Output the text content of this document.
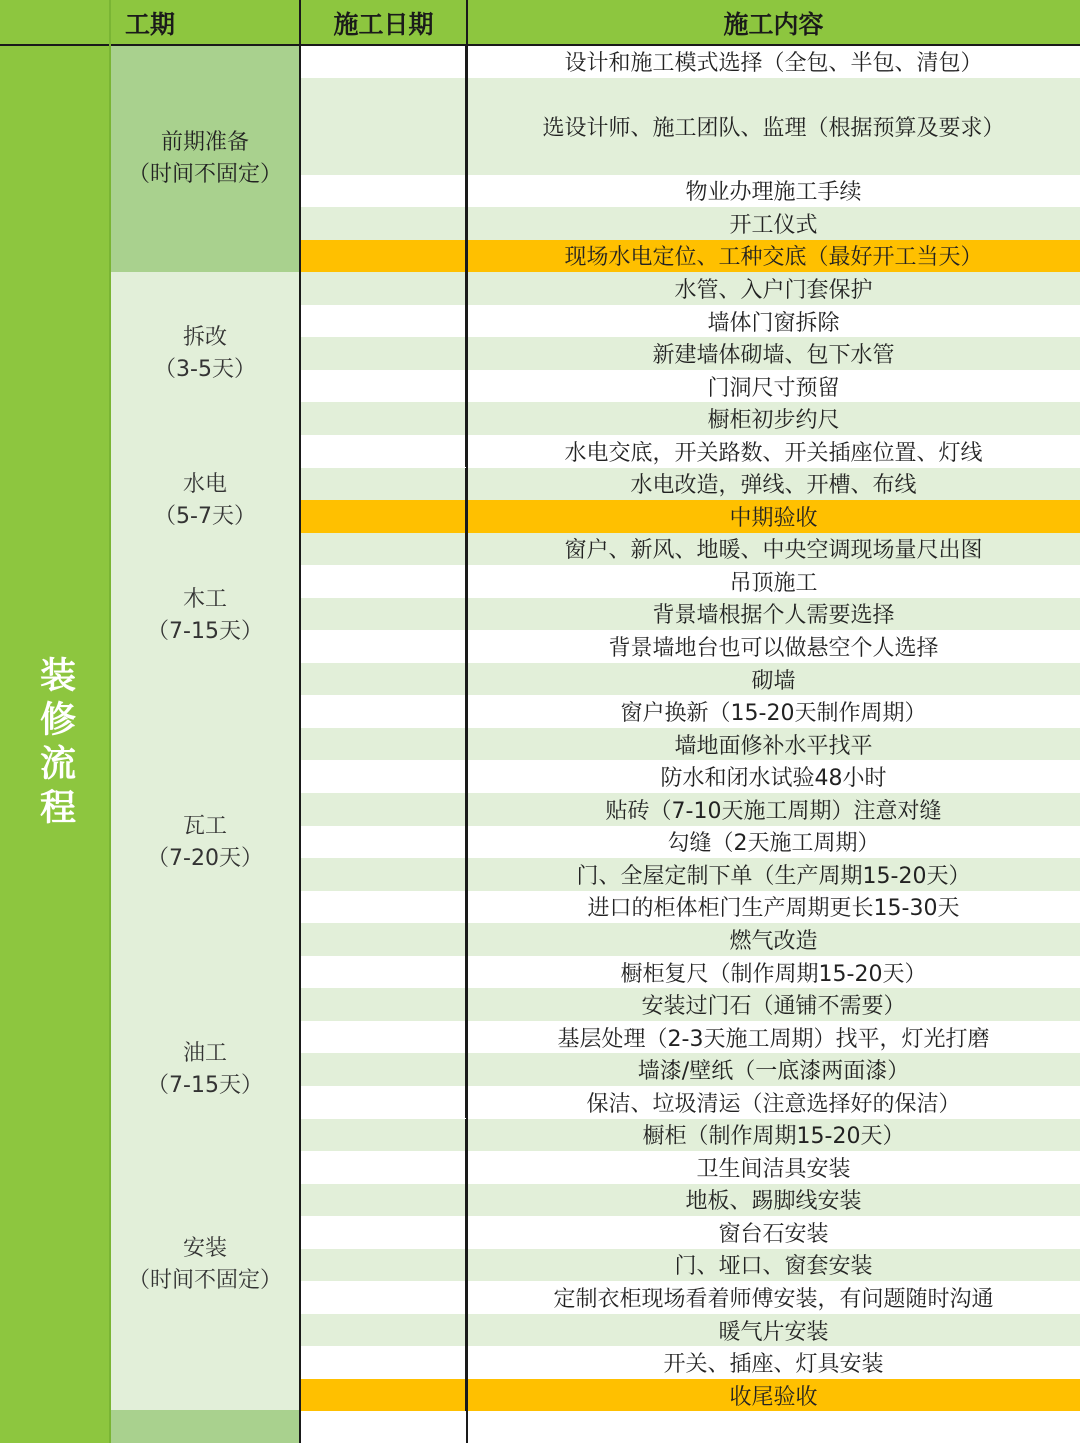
工期	施工日期	施工内容
装修流程
前期准备
（时间不固定）
拆改
（3-5天）
水电
（5-7天）
木工
（7-15天）
瓦工
（7-20天）
油工
（7-15天）
安装
（时间不固定）
设计和施工模式选择（全包、半包、清包）
选设计师、施工团队、监理（根据预算及要求）
物业办理施工手续
开工仪式
现场水电定位、工种交底（最好开工当天）
水管、入户门套保护
墙体门窗拆除
新建墙体砌墙、包下水管
门洞尺寸预留
橱柜初步约尺
水电交底，开关路数、开关插座位置、灯线
水电改造，弹线、开槽、布线
中期验收
窗户、新风、地暖、中央空调现场量尺出图
吊顶施工
背景墙根据个人需要选择
背景墙地台也可以做悬空个人选择
砌墙
窗户换新（15-20天制作周期）
墙地面修补水平找平
防水和闭水试验48小时
贴砖（7-10天施工周期）注意对缝
勾缝（2天施工周期）
门、全屋定制下单（生产周期15-20天）
进口的柜体柜门生产周期更长15-30天
燃气改造
橱柜复尺（制作周期15-20天）
安装过门石（通铺不需要）
基层处理（2-3天施工周期）找平，灯光打磨
墙漆/壁纸（一底漆两面漆）
保洁、垃圾清运（注意选择好的保洁）
橱柜（制作周期15-20天）
卫生间洁具安装
地板、踢脚线安装
窗台石安装
门、垭口、窗套安装
定制衣柜现场看着师傅安装，有问题随时沟通
暖气片安装
开关、插座、灯具安装
收尾验收
